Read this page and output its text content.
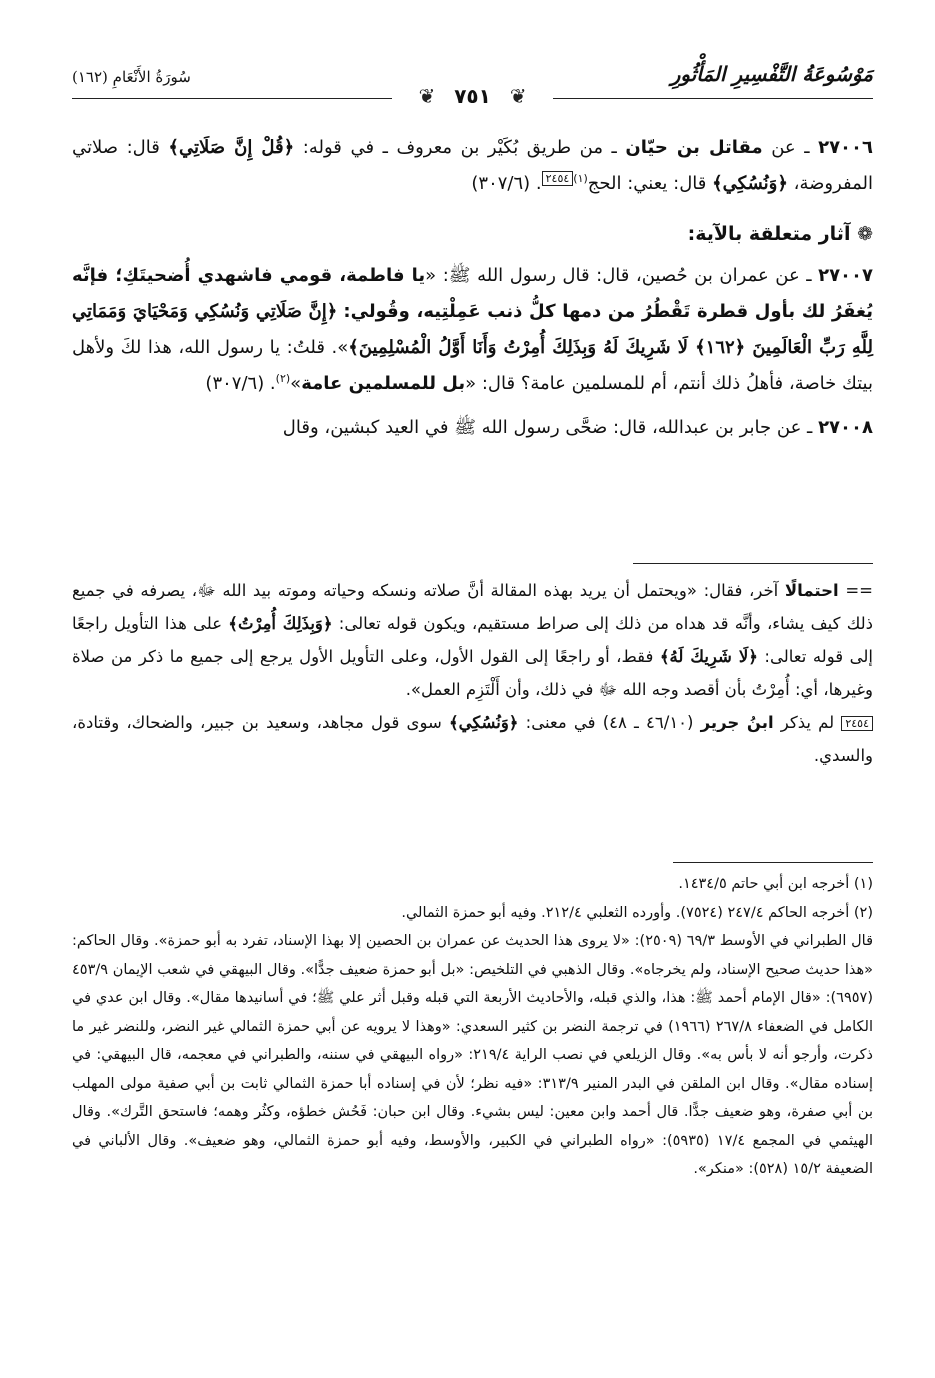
مَوْسُوعَةُ التَّفْسِيرِ المَأْثُورِ
سُورَةُ الأَنْعَامِ (١٦٢)
❦ ٧٥١ ❦

٢٧٠٠٦ ـ عن مقاتل بن حيّان ـ من طريق بُكَيْر بن معروف ـ في قوله: ﴿قُلْ إِنَّ صَلَاتِي﴾ قال: صلاتي المفروضة، ﴿وَنُسُكِي﴾ قال: يعني: الحج$^{(١)}$٢٤٥٤. (٣٠٧/٦)

❁ آثار متعلقة بالآية:

٢٧٠٠٧ ـ عن عمران بن حُصين، قال: قال رسول الله ﷺ: «يا فاطمة، قومي فاشهدي أُضحيتَكِ؛ فإنَّه يُغفَرُ لك بأول قطرة تَقْطُرُ من دمها كلُّ ذنب عَمِلْتِيه، وقُولي: ﴿إِنَّ صَلَاتِي وَنُسُكِي وَمَحْيَايَ وَمَمَاتِي لِلَّهِ رَبِّ الْعَالَمِينَ ﴿١٦٢﴾ لَا شَرِيكَ لَهُ وَبِذَلِكَ أُمِرْتُ وَأَنَا أَوَّلُ الْمُسْلِمِينَ﴾». قلتُ: يا رسول الله، هذا لكَ ولأهل بيتك خاصة، فأهلُ ذلك أنتم، أم للمسلمين عامة؟ قال: «بل للمسلمين عامة»$^{(٢)}$. (٣٠٧/٦)

٢٧٠٠٨ ـ عن جابر بن عبدالله، قال: ضحَّى رسول الله ﷺ في العيد كبشين، وقال

== احتمالًا آخر، فقال: «ويحتمل أن يريد بهذه المقالة أنَّ صلاته ونسكه وحياته وموته بيد الله ﷻ، يصرفه في جميع ذلك كيف يشاء، وأنَّه قد هداه من ذلك إلى صراط مستقيم، ويكون قوله تعالى: ﴿وَبِذَلِكَ أُمِرْتُ﴾ على هذا التأويل راجعًا إلى قوله تعالى: ﴿لَا شَرِيكَ لَهُ﴾ فقط، أو راجعًا إلى القول الأول، وعلى التأويل الأول يرجع إلى جميع ما ذكر من صلاة وغيرها، أي: أُمِرْتُ بأن أقصد وجه الله ﷻ في ذلك، وأن أَلْتَزِم العمل».

٢٤٥٤ لم يذكر ابنُ جرير (٤٦/١٠ ـ ٤٨) في معنى: ﴿وَنُسُكِي﴾ سوى قول مجاهد، وسعيد بن جبير، والضحاك، وقتادة، والسدي.

(١) أخرجه ابن أبي حاتم ١٤٣٤/٥.

(٢) أخرجه الحاكم ٢٤٧/٤ (٧٥٢٤). وأورده الثعلبي ٢١٢/٤. وفيه أبو حمزة الثمالي.

قال الطبراني في الأوسط ٦٩/٣ (٢٥٠٩): «لا يروى هذا الحديث عن عمران بن الحصين إلا بهذا الإسناد، تفرد به أبو حمزة». وقال الحاكم: «هذا حديث صحيح الإسناد، ولم يخرجاه». وقال الذهبي في التلخيص: «بل أبو حمزة ضعيف جدًّا». وقال البيهقي في شعب الإيمان ٤٥٣/٩ (٦٩٥٧): «قال الإمام أحمد ﷺ: هذا، والذي قبله، والأحاديث الأربعة التي قبله وقبل أثر علي ﷺ؛ في أسانيدها مقال». وقال ابن عدي في الكامل في الضعفاء ٢٦٧/٨ (١٩٦٦) في ترجمة النضر بن كثير السعدي: «وهذا لا يرويه عن أبي حمزة الثمالي غير النضر، وللنضر غير ما ذكرت، وأرجو أنه لا بأس به». وقال الزيلعي في نصب الراية ٢١٩/٤: «رواه البيهقي في سننه، والطبراني في معجمه، قال البيهقي: في إسناده مقال». وقال ابن الملقن في البدر المنير ٣١٣/٩: «فيه نظر؛ لأن في إسناده أبا حمزة الثمالي ثابت بن أبي صفية مولى المهلب بن أبي صفرة، وهو ضعيف جدًّا. قال أحمد وابن معين: ليس بشيء. وقال ابن حبان: فَحُش خطؤه، وكثُر وهمه؛ فاستحق التَّرك». وقال الهيثمي في المجمع ١٧/٤ (٥٩٣٥): «رواه الطبراني في الكبير، والأوسط، وفيه أبو حمزة الثمالي، وهو ضعيف». وقال الألباني في الضعيفة ١٥/٢ (٥٢٨): «منكر».
